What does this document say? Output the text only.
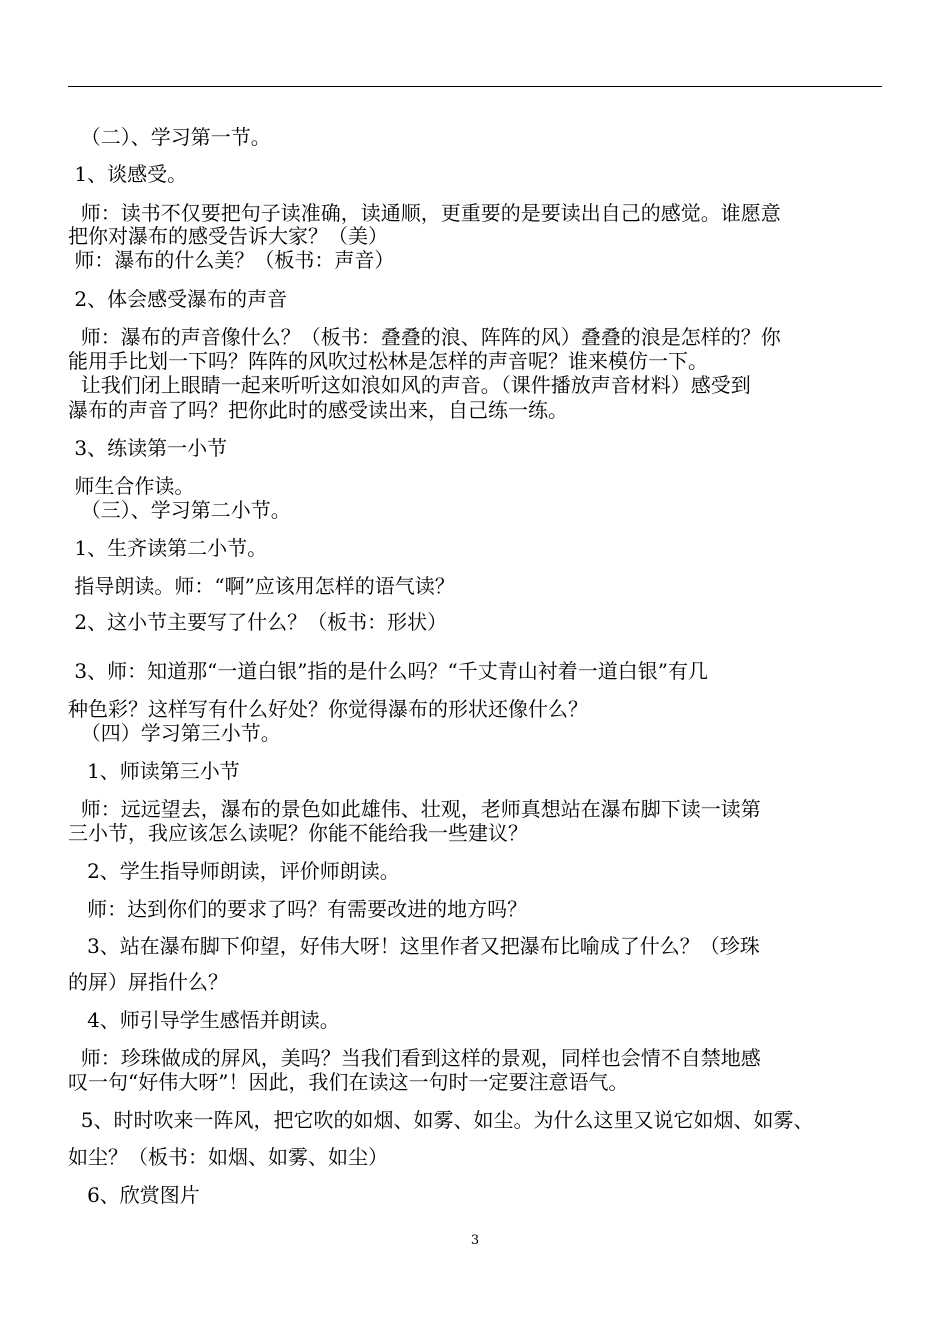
（二）、学习第一节。
1、谈感受。
师：读书不仅要把句子读准确，读通顺，更重要的是要读出自己的感觉。谁愿意
把你对瀑布的感受告诉大家？（美）
师：瀑布的什么美？（板书：声音）
2、体会感受瀑布的声音
师：瀑布的声音像什么？（板书：叠叠的浪、阵阵的风）叠叠的浪是怎样的？你
能用手比划一下吗？阵阵的风吹过松林是怎样的声音呢？谁来模仿一下。
让我们闭上眼睛一起来听听这如浪如风的声音。（课件播放声音材料）感受到
瀑布的声音了吗？把你此时的感受读出来，自己练一练。
3、练读第一小节
师生合作读。
（三）、学习第二小节。
1、生齐读第二小节。
指导朗读。师：“啊”应该用怎样的语气读？
2、这小节主要写了什么？（板书：形状）
3、师：知道那“一道白银”指的是什么吗？“千丈青山衬着一道白银”有几
种色彩？这样写有什么好处？你觉得瀑布的形状还像什么？
（四）学习第三小节。
1、师读第三小节
师：远远望去，瀑布的景色如此雄伟、壮观，老师真想站在瀑布脚下读一读第
三小节，我应该怎么读呢？你能不能给我一些建议？
2、学生指导师朗读，评价师朗读。
师：达到你们的要求了吗？有需要改进的地方吗？
3、站在瀑布脚下仰望，好伟大呀！这里作者又把瀑布比喻成了什么？（珍珠
的屏）屏指什么？
4、师引导学生感悟并朗读。
师：珍珠做成的屏风，美吗？当我们看到这样的景观，同样也会情不自禁地感
叹一句“好伟大呀”！因此，我们在读这一句时一定要注意语气。
5、时时吹来一阵风，把它吹的如烟、如雾、如尘。为什么这里又说它如烟、如雾、
如尘？（板书：如烟、如雾、如尘）
6、欣赏图片
3
